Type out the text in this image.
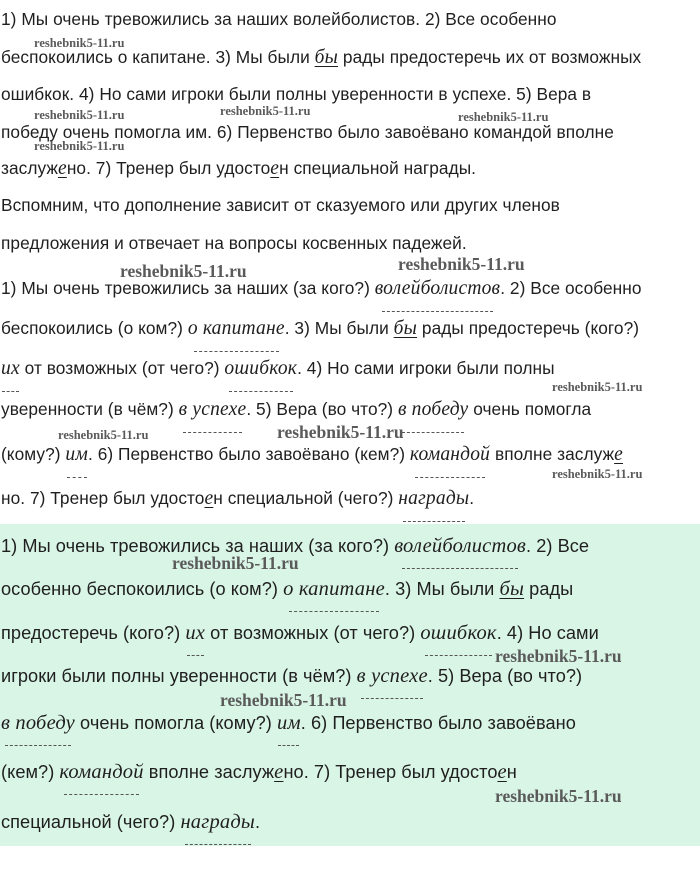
1) Мы очень тревожились за наших волейболистов. 2) Все особенно
беспокоились о капитане. 3) Мы были бы рады предостеречь их от возможных
ошибкок. 4) Но сами игроки были полны уверенности в успехе. 5) Вера в
победу очень помогла им. 6) Первенство было завоёвано командой вполне
заслужено. 7) Тренер был удостоен специальной награды.
Вспомним, что дополнение зависит от сказуемого или других членов
предложения и отвечает на вопросы косвенных падежей.
1) Мы очень тревожились за наших (за кого?) волейболистов. 2) Все особенно
беспокоились (о ком?) о капитане. 3) Мы были бы рады предостеречь (кого?)
их от возможных (от чего?) ошибкок. 4) Но сами игроки были полны
уверенности (в чём?) в успехе. 5) Вера (во что?) в победу очень помогла
(кому?) им. 6) Первенство было завоёвано (кем?) командой вполне заслуже
но. 7) Тренер был удостоен специальной (чего?) награды.
1) Мы очень тревожились за наших (за кого?) волейболистов. 2) Все
особенно беспокоились (о ком?) о капитане. 3) Мы были бы рады
предостеречь (кого?) их от возможных (от чего?) ошибкок. 4) Но сами
игроки были полны уверенности (в чём?) в успехе. 5) Вера (во что?)
в победу очень помогла (кому?) им. 6) Первенство было завоёвано
(кем?) командой вполне заслужено. 7) Тренер был удостоен
специальной (чего?) награды.
reshebnik5-11.ru
reshebnik5-11.ru
reshebnik5-11.ru
reshebnik5-11.ru	reshebnik5-11.ru
reshebnik5-11.ru	reshebnik5-11.ru
reshebnik5-11.ru
reshebnik5-11.ru	reshebnik5-11.ru
reshebnik5-11.ru
reshebnik5-11.ru
reshebnik5-11.ru
reshebnik5-11.ru
reshebnik5-11.ru
